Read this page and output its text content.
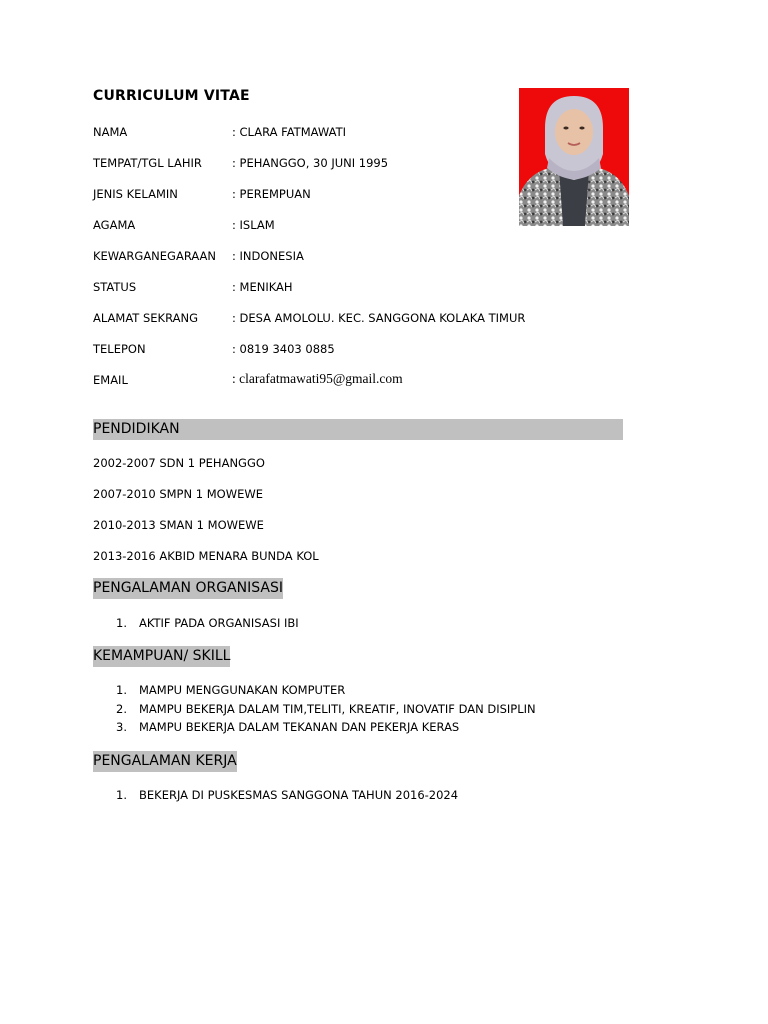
CURRICULUM VITAE
NAMA	: CLARA FATMAWATI
TEMPAT/TGL LAHIR	: PEHANGGO, 30 JUNI 1995
JENIS KELAMIN	: PEREMPUAN
AGAMA	: ISLAM
KEWARGANEGARAAN : INDONESIA
STATUS	: MENIKAH
ALAMAT SEKRANG	: DESA AMOLOLU. KEC. SANGGONA KOLAKA TIMUR
TELEPON	: 0819 3403 0885
EMAIL	: clarafatmawati95@gmail.com
PENDIDIKAN
2002-2007 SDN 1 PEHANGGO
2007-2010 SMPN 1 MOWEWE
2010-2013 SMAN 1 MOWEWE
2013-2016 AKBID MENARA BUNDA KOL
PENGALAMAN ORGANISASI
1. AKTIF PADA ORGANISASI IBI
KEMAMPUAN/ SKILL
1. MAMPU MENGGUNAKAN KOMPUTER
2. MAMPU BEKERJA DALAM TIM,TELITI, KREATIF, INOVATIF DAN DISIPLIN
3. MAMPU BEKERJA DALAM TEKANAN DAN PEKERJA KERAS
PENGALAMAN KERJA
1. BEKERJA DI PUSKESMAS SANGGONA TAHUN 2016-2024
